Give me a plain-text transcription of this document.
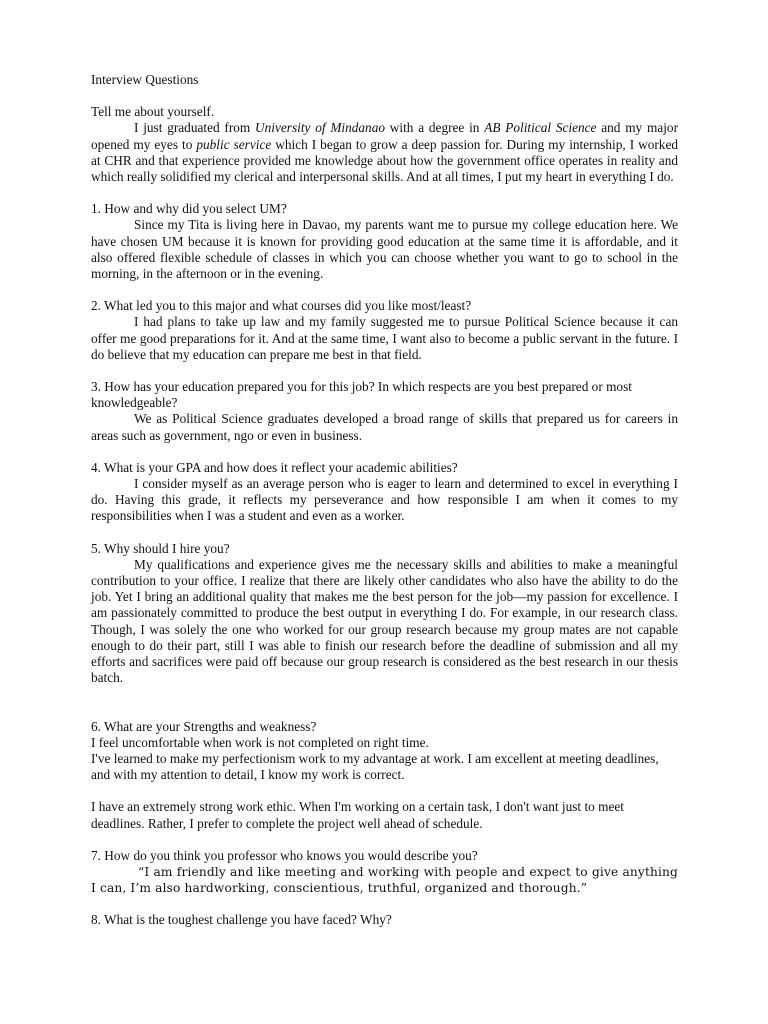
Interview Questions

Tell me about yourself.

I just graduated from University of Mindanao with a degree in AB Political Science and my major opened my eyes to public service which I began to grow a deep passion for. During my internship, I worked at CHR and that experience provided me knowledge about how the government office operates in reality and which really solidified my clerical and interpersonal skills. And at all times, I put my heart in everything I do.

1. How and why did you select UM?

Since my Tita is living here in Davao, my parents want me to pursue my college education here. We have chosen UM because it is known for providing good education at the same time it is affordable, and it also offered flexible schedule of classes in which you can choose whether you want to go to school in the morning, in the afternoon or in the evening.

2. What led you to this major and what courses did you like most/least?

I had plans to take up law and my family suggested me to pursue Political Science because it can offer me good preparations for it. And at the same time, I want also to become a public servant in the future. I do believe that my education can prepare me best in that field.

3. How has your education prepared you for this job? In which respects are you best prepared or most knowledgeable?

We as Political Science graduates developed a broad range of skills that prepared us for careers in areas such as government, ngo or even in business.

4. What is your GPA and how does it reflect your academic abilities?

I consider myself as an average person who is eager to learn and determined to excel in everything I do. Having this grade, it reflects my perseverance and how responsible I am when it comes to my responsibilities when I was a student and even as a worker.

5. Why should I hire you?

My qualifications and experience gives me the necessary skills and abilities to make a meaningful contribution to your office. I realize that there are likely other candidates who also have the ability to do the job. Yet I bring an additional quality that makes me the best person for the job—my passion for excellence. I am passionately committed to produce the best output in everything I do. For example, in our research class. Though, I was solely the one who worked for our group research because my group mates are not capable enough to do their part, still I was able to finish our research before the deadline of submission and all my efforts and sacrifices were paid off because our group research is considered as the best research in our thesis batch.

6. What are your Strengths and weakness?

I feel uncomfortable when work is not completed on right time.

I've learned to make my perfectionism work to my advantage at work. I am excellent at meeting deadlines, and with my attention to detail, I know my work is correct.

I have an extremely strong work ethic. When I'm working on a certain task, I don't want just to meet deadlines. Rather, I prefer to complete the project well ahead of schedule.

7. How do you think you professor who knows you would describe you?

“I am friendly and like meeting and working with people and expect to give anything I can, I’m also hardworking, conscientious, truthful, organized and thorough.”

8. What is the toughest challenge you have faced? Why?
